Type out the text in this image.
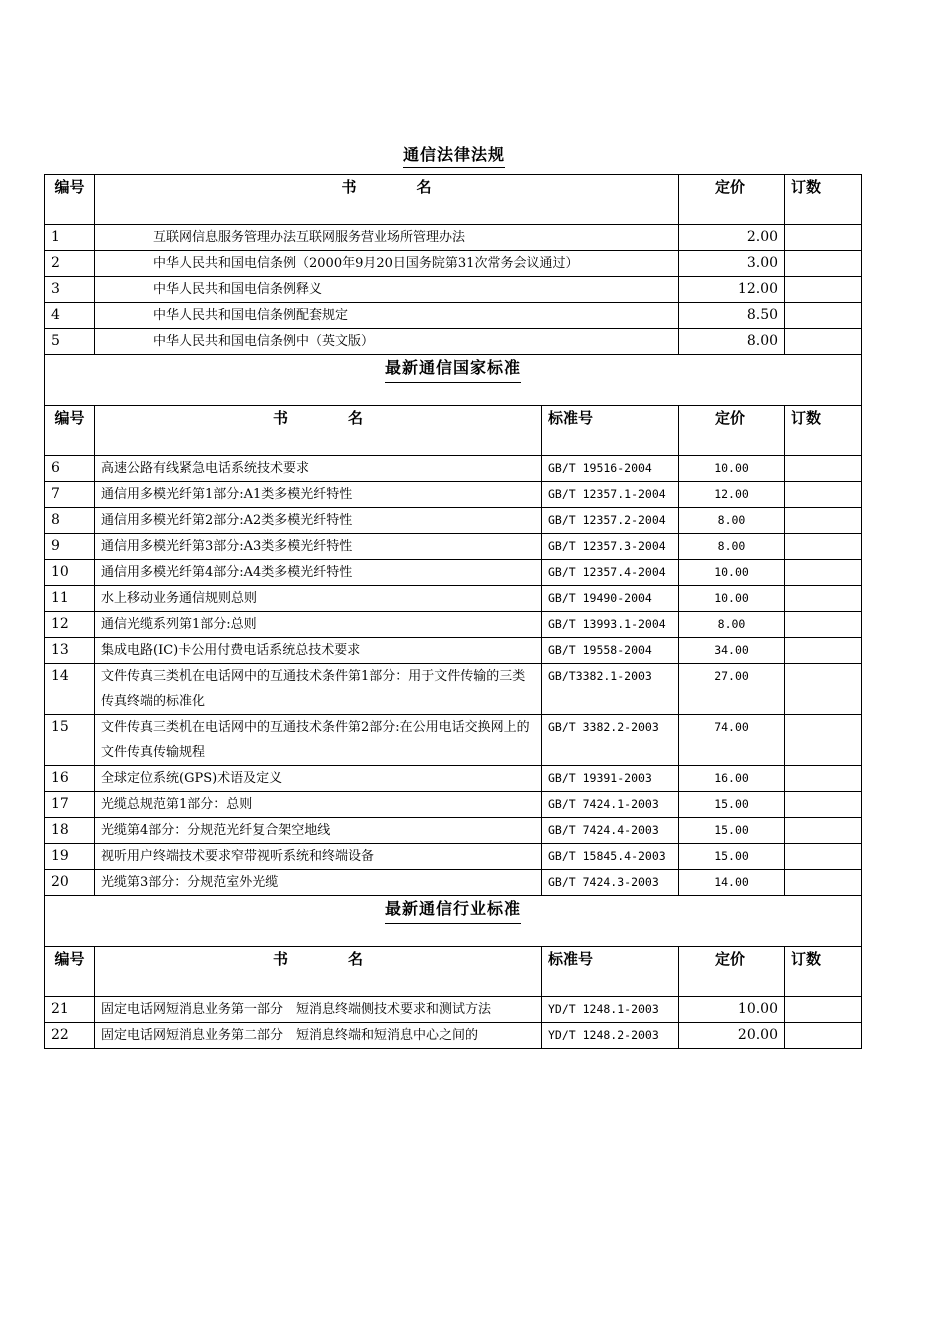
通信法律法规
编号	书　　　　名		定价	订数
1	互联网信息服务管理办法互联网服务营业场所管理办法		2.00	
2	中华人民共和国电信条例（2000年9月20日国务院第31次常务会议通过）		3.00	
3	中华人民共和国电信条例释义		12.00	
4	中华人民共和国电信条例配套规定		8.50	
5	中华人民共和国电信条例中（英文版）		8.00	
最新通信国家标准				
编号	书　　　　名	标准号	定价	订数
6	高速公路有线紧急电话系统技术要求	GB/T 19516-2004	10.00	
7	通信用多模光纤第1部分:A1类多模光纤特性	GB/T 12357.1-2004	12.00	
8	通信用多模光纤第2部分:A2类多模光纤特性	GB/T 12357.2-2004	8.00	
9	通信用多模光纤第3部分:A3类多模光纤特性	GB/T 12357.3-2004	8.00	
10	通信用多模光纤第4部分:A4类多模光纤特性	GB/T 12357.4-2004	10.00	
11	水上移动业务通信规则总则	GB/T 19490-2004	10.00	
12	通信光缆系列第1部分:总则	GB/T 13993.1-2004	8.00	
13	集成电路(IC)卡公用付费电话系统总技术要求	GB/T 19558-2004	34.00	
14	文件传真三类机在电话网中的互通技术条件第1部分：用于文件传输的三类传真终端的标准化	GB/T3382.1-2003	27.00	
15	文件传真三类机在电话网中的互通技术条件第2部分:在公用电话交换网上的文件传真传输规程	GB/T 3382.2-2003	74.00	
16	全球定位系统(GPS)术语及定义	GB/T 19391-2003	16.00	
17	光缆总规范第1部分：总则	GB/T 7424.1-2003	15.00	
18	光缆第4部分：分规范光纤复合架空地线	GB/T 7424.4-2003	15.00	
19	视听用户终端技术要求窄带视听系统和终端设备	GB/T 15845.4-2003	15.00	
20	光缆第3部分：分规范室外光缆	GB/T 7424.3-2003	14.00	
最新通信行业标准				
编号	书　　　　名	标准号	定价	订数
21	固定电话网短消息业务第一部分　短消息终端侧技术要求和测试方法	YD/T 1248.1-2003	10.00	
22	固定电话网短消息业务第二部分　短消息终端和短消息中心之间的	YD/T 1248.2-2003	20.00	
